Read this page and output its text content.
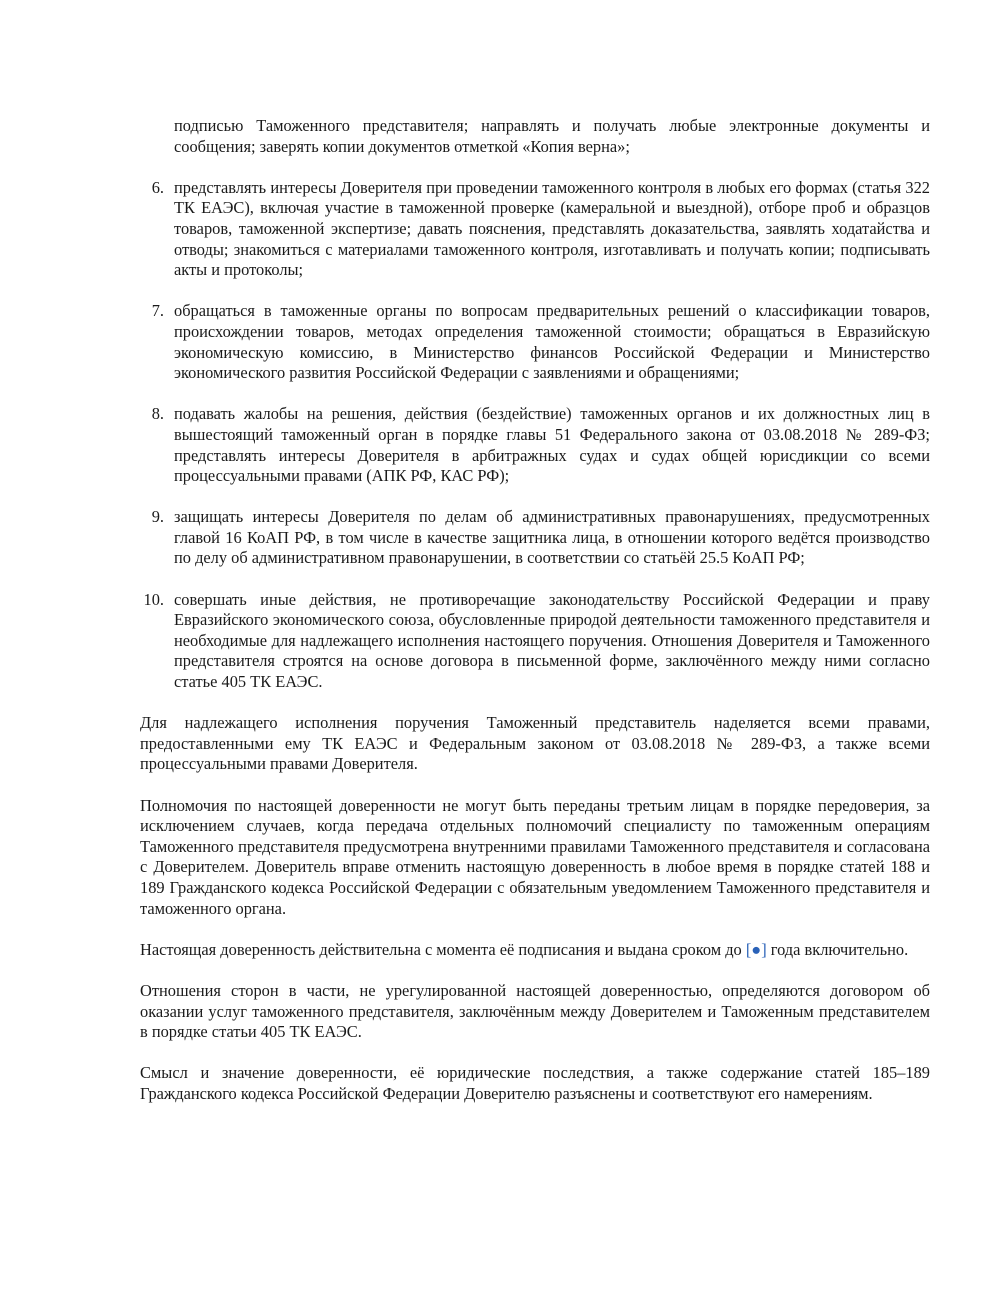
подписью Таможенного представителя; направлять и получать любые электронные документы и сообщения; заверять копии документов отметкой «Копия верна»;
6. представлять интересы Доверителя при проведении таможенного контроля в любых его формах (статья 322 ТК ЕАЭС), включая участие в таможенной проверке (камеральной и выездной), отборе проб и образцов товаров, таможенной экспертизе; давать пояснения, представлять доказательства, заявлять ходатайства и отводы; знакомиться с материалами таможенного контроля, изготавливать и получать копии; подписывать акты и протоколы;
7. обращаться в таможенные органы по вопросам предварительных решений о классификации товаров, происхождении товаров, методах определения таможенной стоимости; обращаться в Евразийскую экономическую комиссию, в Министерство финансов Российской Федерации и Министерство экономического развития Российской Федерации с заявлениями и обращениями;
8. подавать жалобы на решения, действия (бездействие) таможенных органов и их должностных лиц в вышестоящий таможенный орган в порядке главы 51 Федерального закона от 03.08.2018 № 289-ФЗ; представлять интересы Доверителя в арбитражных судах и судах общей юрисдикции со всеми процессуальными правами (АПК РФ, КАС РФ);
9. защищать интересы Доверителя по делам об административных правонарушениях, предусмотренных главой 16 КоАП РФ, в том числе в качестве защитника лица, в отношении которого ведётся производство по делу об административном правонарушении, в соответствии со статьёй 25.5 КоАП РФ;
10. совершать иные действия, не противоречащие законодательству Российской Федерации и праву Евразийского экономического союза, обусловленные природой деятельности таможенного представителя и необходимые для надлежащего исполнения настоящего поручения. Отношения Доверителя и Таможенного представителя строятся на основе договора в письменной форме, заключённого между ними согласно статье 405 ТК ЕАЭС.

Для надлежащего исполнения поручения Таможенный представитель наделяется всеми правами, предоставленными ему ТК ЕАЭС и Федеральным законом от 03.08.2018 № 289-ФЗ, а также всеми процессуальными правами Доверителя.

Полномочия по настоящей доверенности не могут быть переданы третьим лицам в порядке передоверия, за исключением случаев, когда передача отдельных полномочий специалисту по таможенным операциям Таможенного представителя предусмотрена внутренними правилами Таможенного представителя и согласована с Доверителем. Доверитель вправе отменить настоящую доверенность в любое время в порядке статей 188 и 189 Гражданского кодекса Российской Федерации с обязательным уведомлением Таможенного представителя и таможенного органа.

Настоящая доверенность действительна с момента её подписания и выдана сроком до [●] года включительно.

Отношения сторон в части, не урегулированной настоящей доверенностью, определяются договором об оказании услуг таможенного представителя, заключённым между Доверителем и Таможенным представителем в порядке статьи 405 ТК ЕАЭС.

Смысл и значение доверенности, её юридические последствия, а также содержание статей 185–189 Гражданского кодекса Российской Федерации Доверителю разъяснены и соответствуют его намерениям.
